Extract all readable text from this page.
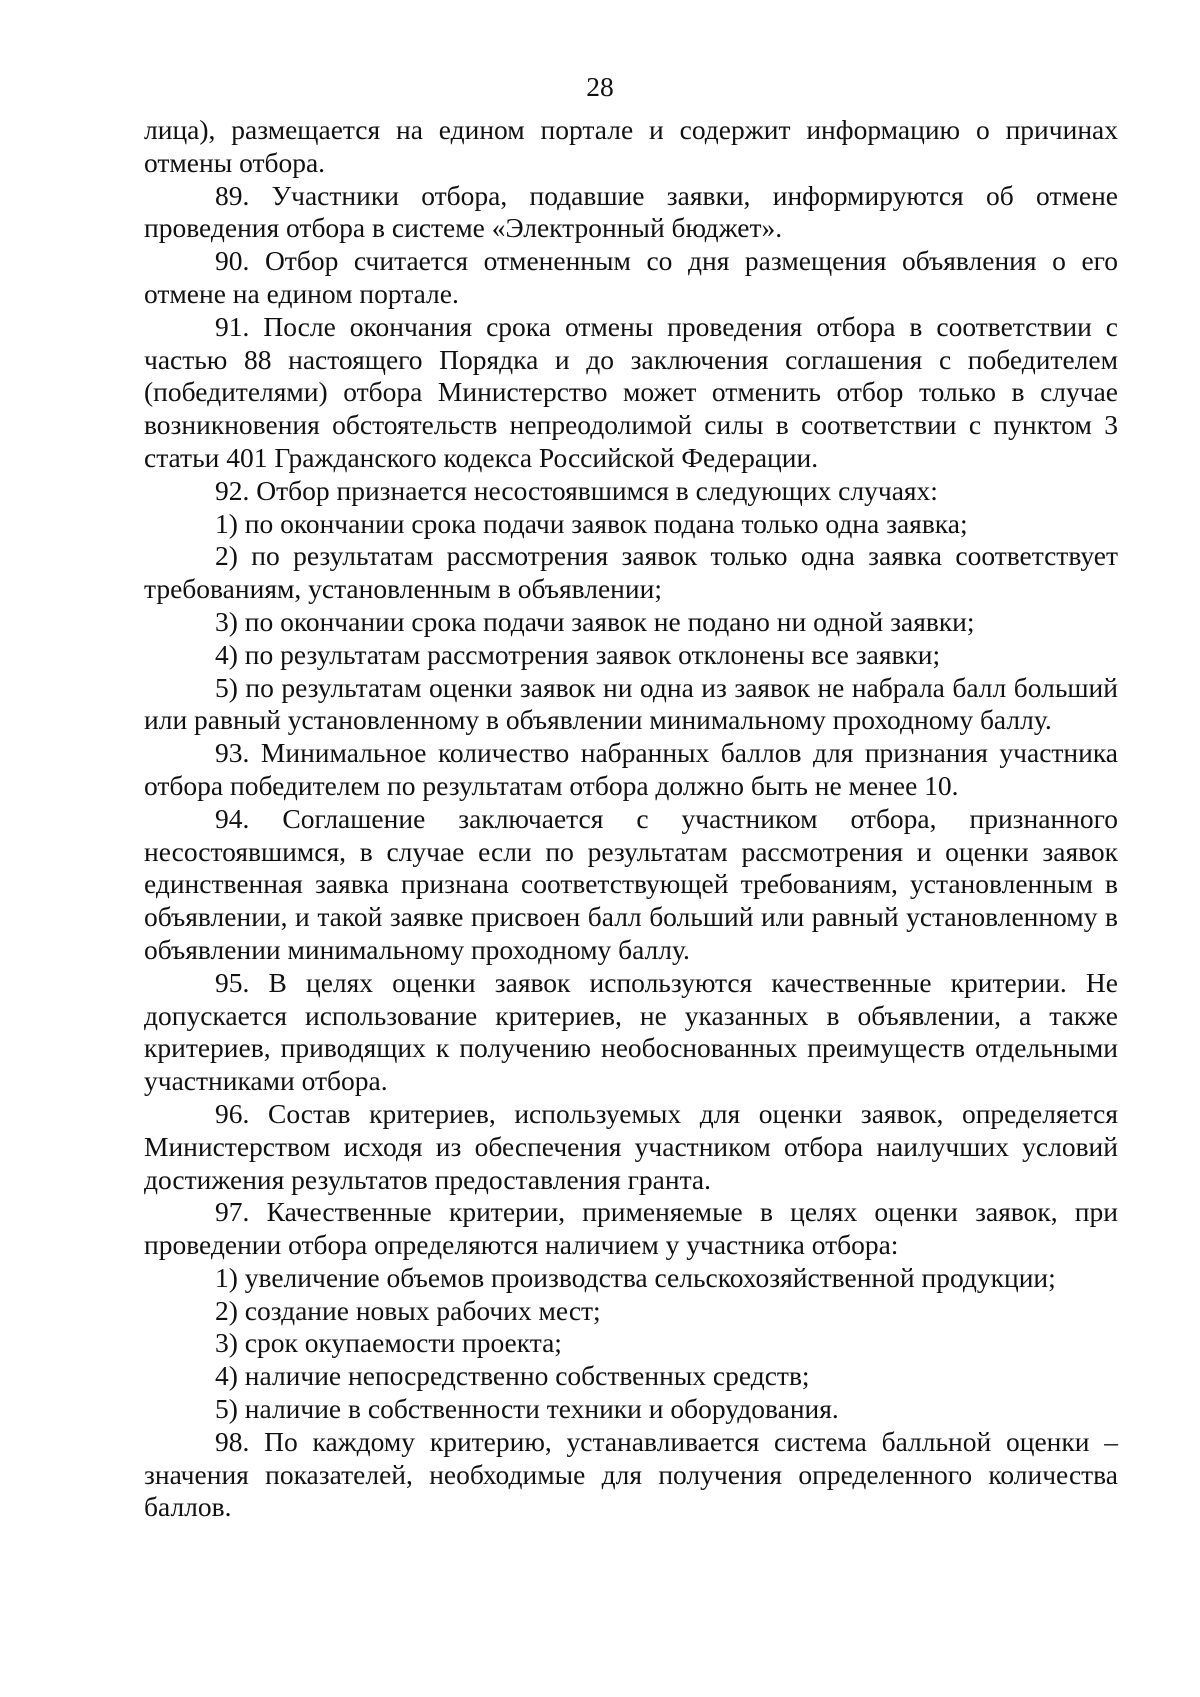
28

лица), размещается на едином портале и содержит информацию о причинах отмены отбора.

89. Участники отбора, подавшие заявки, информируются об отмене проведения отбора в системе «Электронный бюджет».

90. Отбор считается отмененным со дня размещения объявления о его отмене на едином портале.

91. После окончания срока отмены проведения отбора в соответствии с частью 88 настоящего Порядка и до заключения соглашения с победителем (победителями) отбора Министерство может отменить отбор только в случае возникновения обстоятельств непреодолимой силы в соответствии с пунктом 3 статьи 401 Гражданского кодекса Российской Федерации.

92. Отбор признается несостоявшимся в следующих случаях:

1) по окончании срока подачи заявок подана только одна заявка;

2) по результатам рассмотрения заявок только одна заявка соответствует требованиям, установленным в объявлении;

3) по окончании срока подачи заявок не подано ни одной заявки;

4) по результатам рассмотрения заявок отклонены все заявки;

5) по результатам оценки заявок ни одна из заявок не набрала балл больший или равный установленному в объявлении минимальному проходному баллу.

93. Минимальное количество набранных баллов для признания участника отбора победителем по результатам отбора должно быть не менее 10.

94. Соглашение заключается с участником отбора, признанного несостоявшимся, в случае если по результатам рассмотрения и оценки заявок единственная заявка признана соответствующей требованиям, установленным в объявлении, и такой заявке присвоен балл больший или равный установленному в объявлении минимальному проходному баллу.

95. В целях оценки заявок используются качественные критерии. Не допускается использование критериев, не указанных в объявлении, а также критериев, приводящих к получению необоснованных преимуществ отдельными участниками отбора.

96. Состав критериев, используемых для оценки заявок, определяется Министерством исходя из обеспечения участником отбора наилучших условий достижения результатов предоставления гранта.

97. Качественные критерии, применяемые в целях оценки заявок, при проведении отбора определяются наличием у участника отбора:

1) увеличение объемов производства сельскохозяйственной продукции;

2) создание новых рабочих мест;

3) срок окупаемости проекта;

4) наличие непосредственно собственных средств;

5) наличие в собственности техники и оборудования.

98. По каждому критерию, устанавливается система балльной оценки – значения показателей, необходимые для получения определенного количества баллов.
